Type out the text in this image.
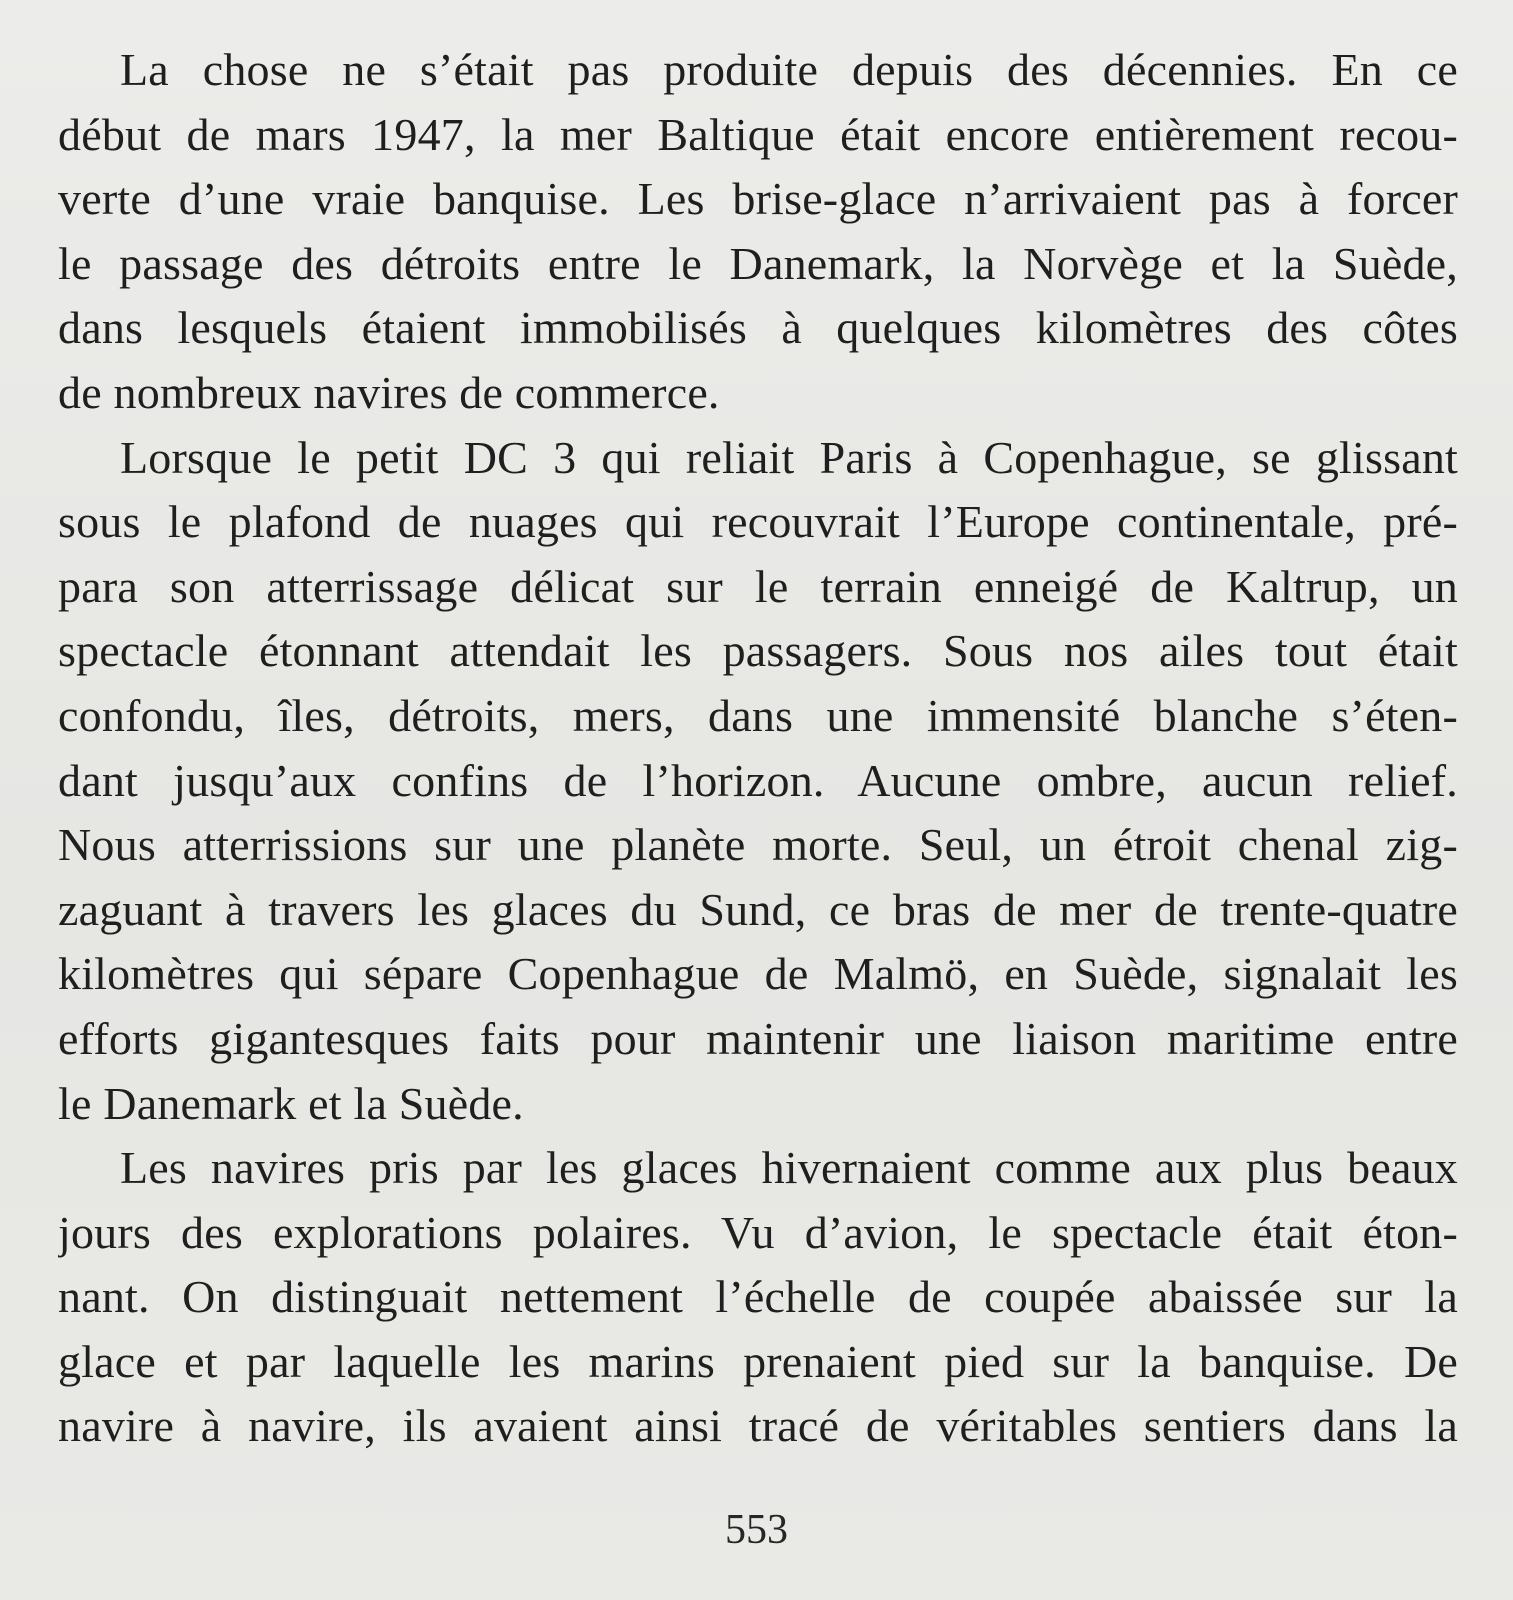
La chose ne s’était pas produite depuis des décennies. En ce
début de mars 1947, la mer Baltique était encore entièrement recou-
verte d’une vraie banquise. Les brise-glace n’arrivaient pas à forcer
le passage des détroits entre le Danemark, la Norvège et la Suède,
dans lesquels étaient immobilisés à quelques kilomètres des côtes
de nombreux navires de commerce.
Lorsque le petit DC 3 qui reliait Paris à Copenhague, se glissant
sous le plafond de nuages qui recouvrait l’Europe continentale, pré-
para son atterrissage délicat sur le terrain enneigé de Kaltrup, un
spectacle étonnant attendait les passagers. Sous nos ailes tout était
confondu, îles, détroits, mers, dans une immensité blanche s’éten-
dant jusqu’aux confins de l’horizon. Aucune ombre, aucun relief.
Nous atterrissions sur une planète morte. Seul, un étroit chenal zig-
zaguant à travers les glaces du Sund, ce bras de mer de trente-quatre
kilomètres qui sépare Copenhague de Malmö, en Suède, signalait les
efforts gigantesques faits pour maintenir une liaison maritime entre
le Danemark et la Suède.
Les navires pris par les glaces hivernaient comme aux plus beaux
jours des explorations polaires. Vu d’avion, le spectacle était éton-
nant. On distinguait nettement l’échelle de coupée abaissée sur la
glace et par laquelle les marins prenaient pied sur la banquise. De
navire à navire, ils avaient ainsi tracé de véritables sentiers dans la
553
